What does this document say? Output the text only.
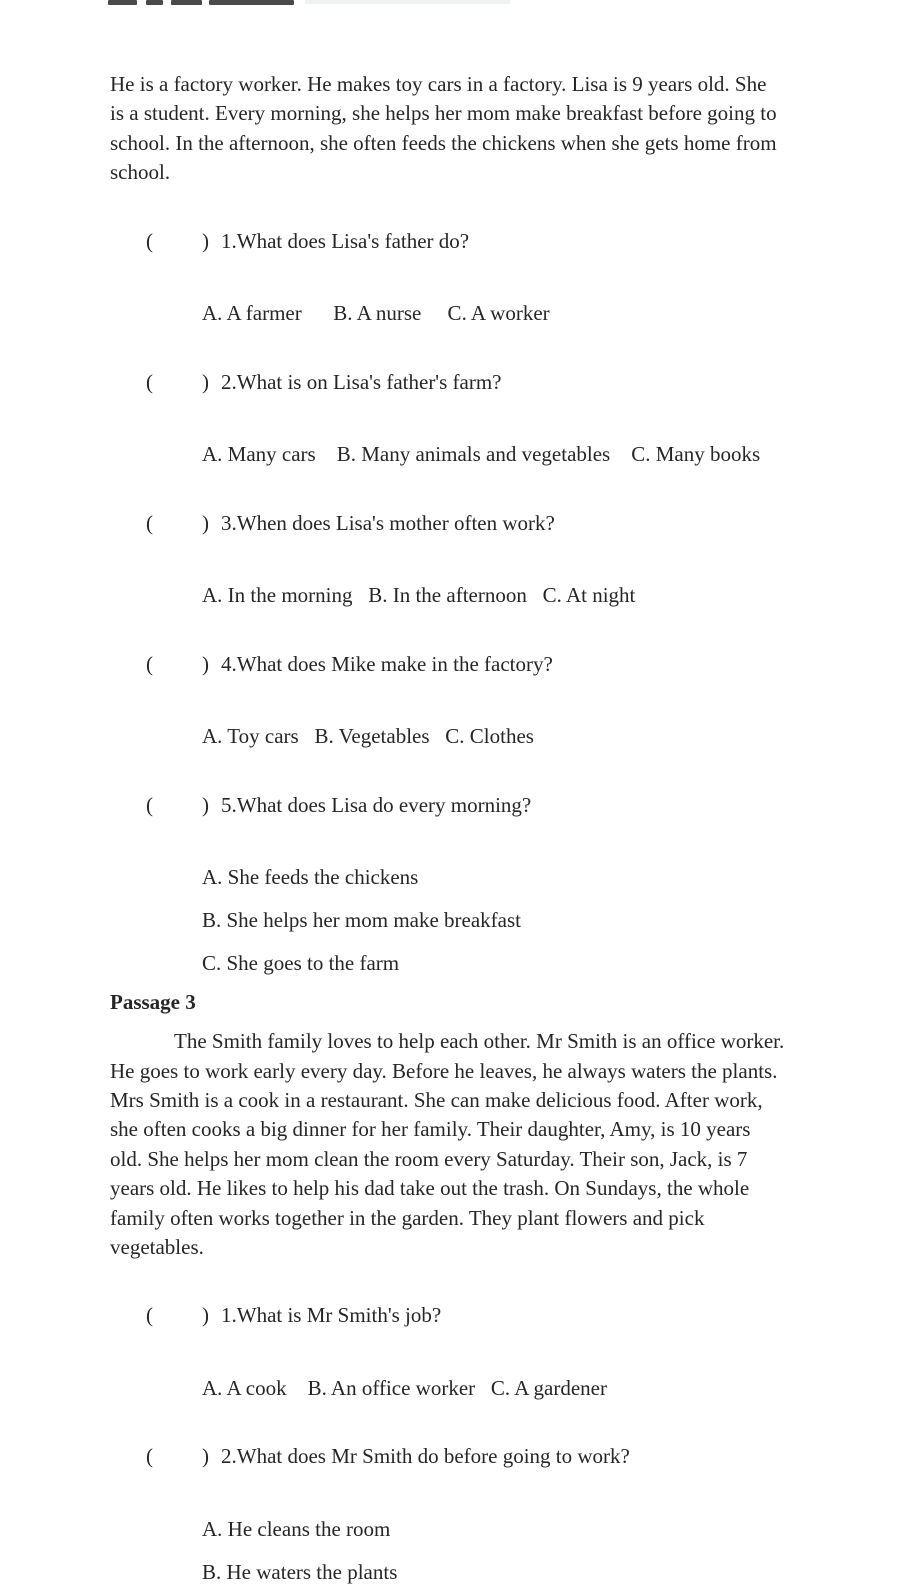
He is a factory worker. He makes toy cars in a factory. Lisa is 9 years old. She
is a student. Every morning, she helps her mom make breakfast before going to
school. In the afternoon, she often feeds the chickens when she gets home from
school.

( ) 1.What does Lisa's father do?

A. A farmer      B. A nurse     C. A worker

( ) 2.What is on Lisa's father's farm?

A. Many cars    B. Many animals and vegetables    C. Many books

( ) 3.When does Lisa's mother often work?

A. In the morning   B. In the afternoon   C. At night

( ) 4.What does Mike make in the factory?

A. Toy cars   B. Vegetables   C. Clothes

( ) 5.What does Lisa do every morning?

A. She feeds the chickens
B. She helps her mom make breakfast
C. She goes to the farm
Passage 3
The Smith family loves to help each other. Mr Smith is an office worker.
He goes to work early every day. Before he leaves, he always waters the plants.
Mrs Smith is a cook in a restaurant. She can make delicious food. After work,
she often cooks a big dinner for her family. Their daughter, Amy, is 10 years
old. She helps her mom clean the room every Saturday. Their son, Jack, is 7
years old. He likes to help his dad take out the trash. On Sundays, the whole
family often works together in the garden. They plant flowers and pick
vegetables.

( ) 1.What is Mr Smith's job?

A. A cook    B. An office worker   C. A gardener

( ) 2.What does Mr Smith do before going to work?

A. He cleans the room
B. He waters the plants
